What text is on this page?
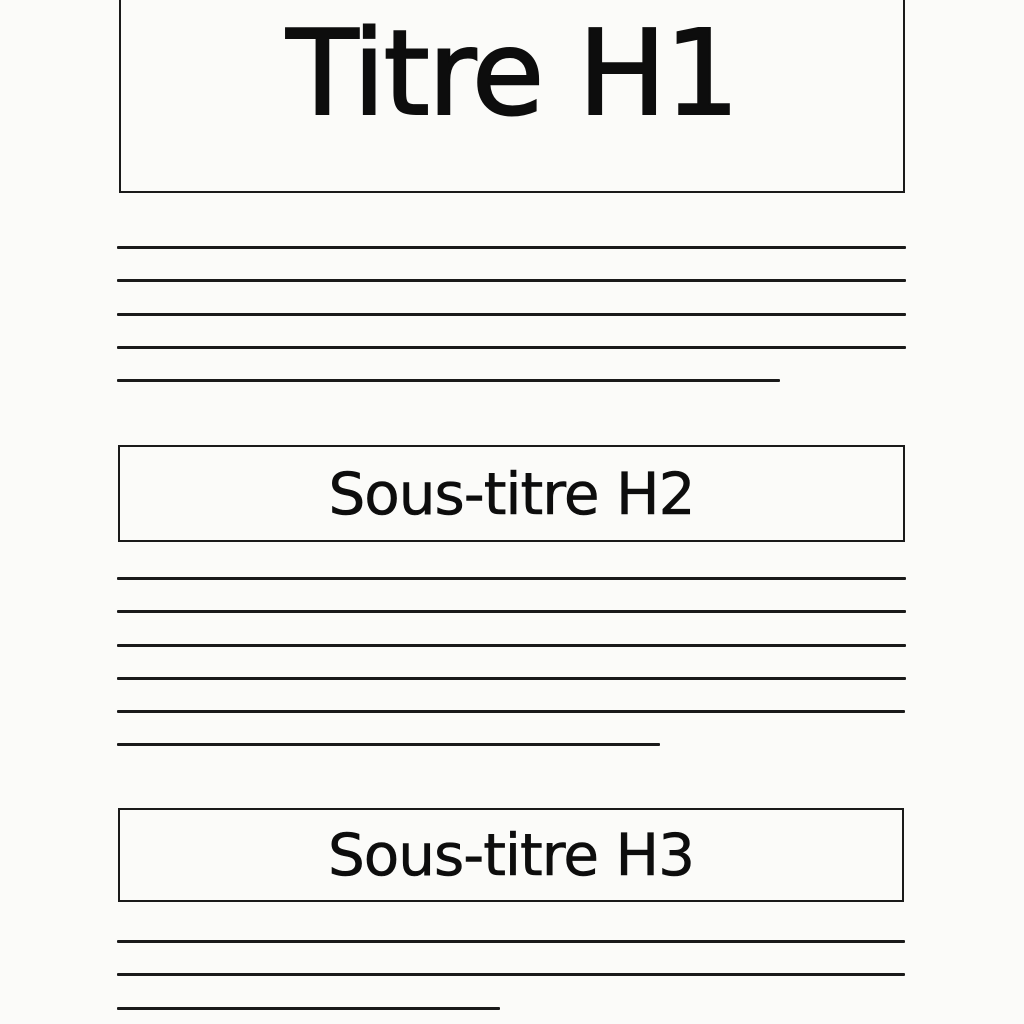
Titre H1
Sous-titre H2
Sous-titre H3
